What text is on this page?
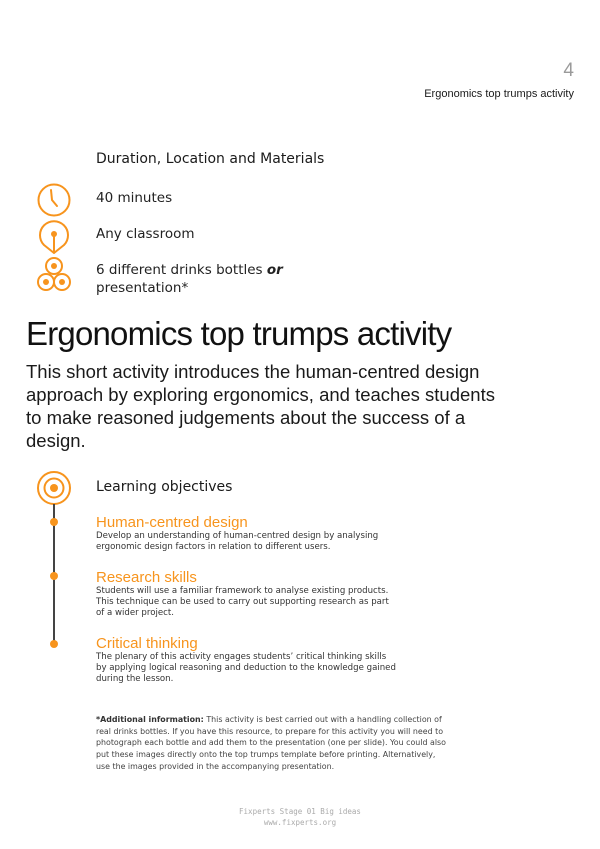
4
Ergonomics top trumps activity
Duration, Location and Materials
40 minutes
Any classroom
6 different drinks bottles or
presentation*
Ergonomics top trumps activity
This short activity introduces the human-centred design approach by exploring ergonomics, and teaches students to make reasoned judgements about the success of a design.
Learning objectives
Human-centred design

Develop an understanding of human-centred design by analysing ergonomic design factors in relation to different users.

Research skills

Students will use a familiar framework to analyse existing products. This technique can be used to carry out supporting research as part of a wider project.

Critical thinking

The plenary of this activity engages students’ critical thinking skills by applying logical reasoning and deduction to the knowledge gained during the lesson.

*Additional information: This activity is best carried out with a handling collection of real drinks bottles. If you have this resource, to prepare for this activity you will need to photograph each bottle and add them to the presentation (one per slide). You could also put these images directly onto the top trumps template before printing. Alternatively, use the images provided in the accompanying presentation.
Fixperts Stage 01 Big ideas
www.fixperts.org
